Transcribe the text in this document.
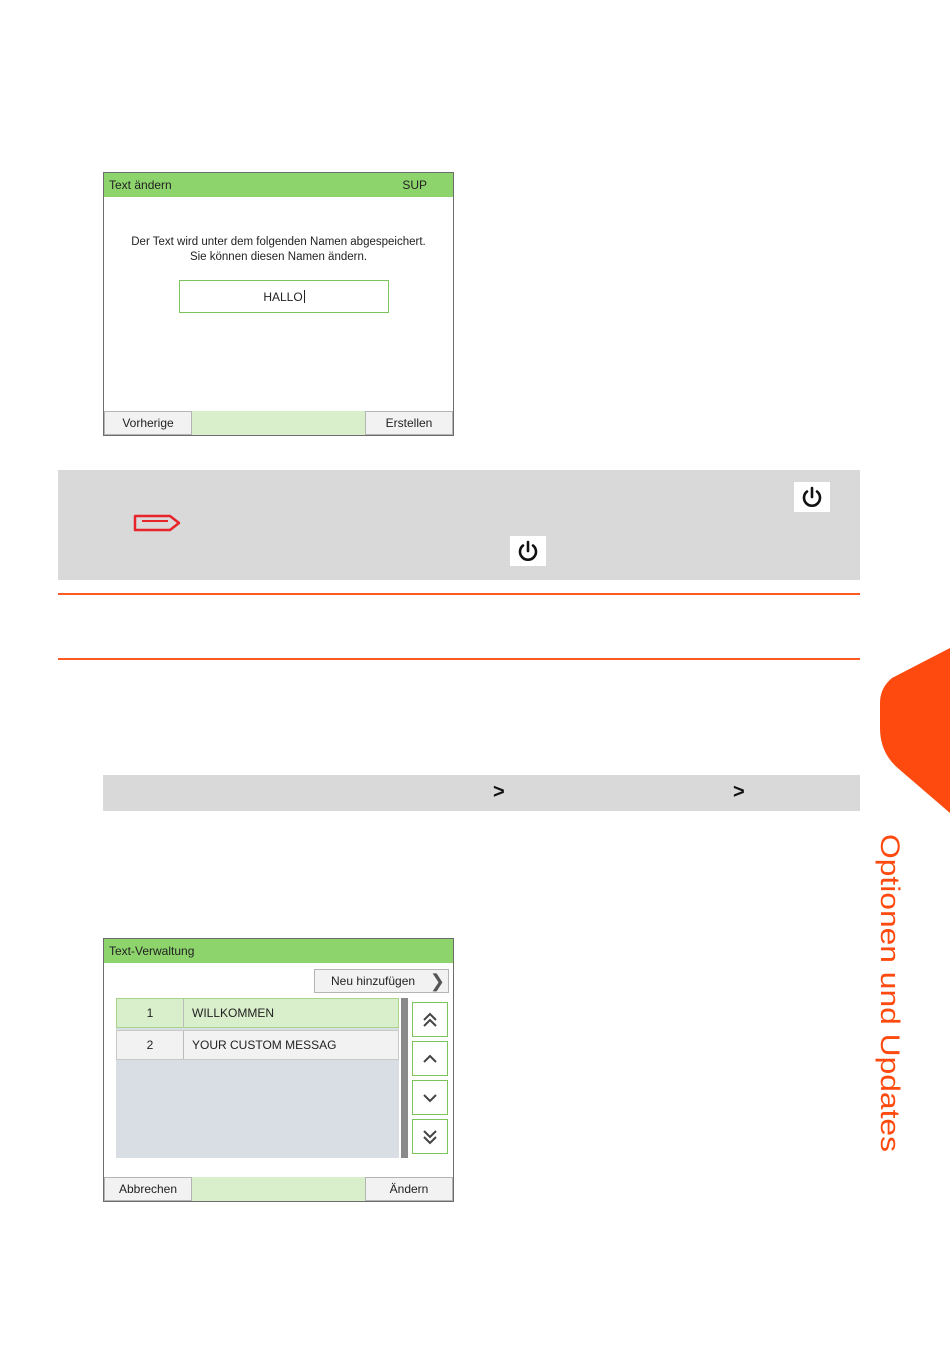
Text ändern	SUP
Der Text wird unter dem folgenden Namen abgespeichert.
Sie können diesen Namen ändern.
HALLO
Vorherige	Erstellen
>	>
Text-Verwaltung
Neu hinzufügen ❯
1	WILLKOMMEN
2	YOUR CUSTOM MESSAG
Abbrechen	Ändern
Optionen und Updates
